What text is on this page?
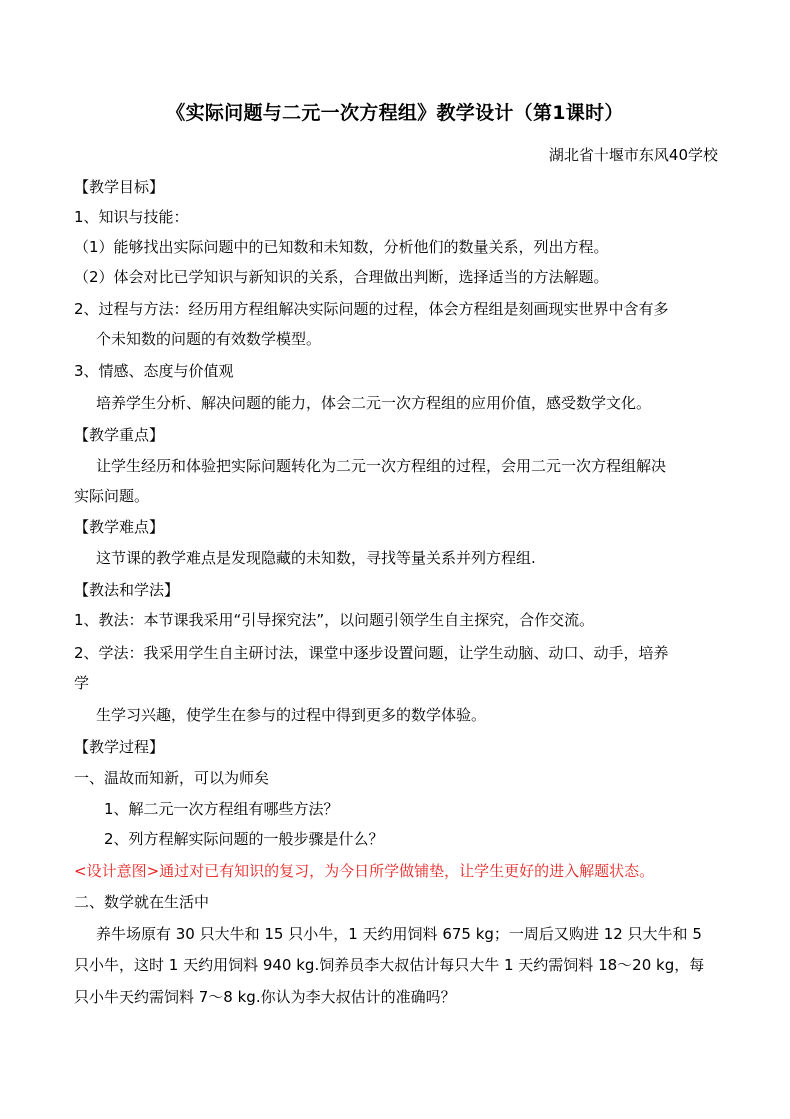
《实际问题与二元一次方程组》教学设计（第1课时）
湖北省十堰市东风40学校
【教学目标】
1、知识与技能：
（1）能够找出实际问题中的已知数和未知数，分析他们的数量关系，列出方程。
（2）体会对比已学知识与新知识的关系，合理做出判断，选择适当的方法解题。
2、过程与方法：经历用方程组解决实际问题的过程，体会方程组是刻画现实世界中含有多
个未知数的问题的有效数学模型。
3、情感、态度与价值观
培养学生分析、解决问题的能力，体会二元一次方程组的应用价值，感受数学文化。
【教学重点】
让学生经历和体验把实际问题转化为二元一次方程组的过程，会用二元一次方程组解决
实际问题。
【教学难点】
这节课的教学难点是发现隐藏的未知数，寻找等量关系并列方程组.
【教法和学法】
1、教法：本节课我采用“引导探究法”，以问题引领学生自主探究，合作交流。
2、学法：我采用学生自主研讨法，课堂中逐步设置问题，让学生动脑、动口、动手，培养
学
生学习兴趣，使学生在参与的过程中得到更多的数学体验。
【教学过程】
一、温故而知新，可以为师矣
1、解二元一次方程组有哪些方法？
2、列方程解实际问题的一般步骤是什么？
<设计意图>通过对已有知识的复习，为今日所学做铺垫，让学生更好的进入解题状态。
二、数学就在生活中
养牛场原有 30 只大牛和 15 只小牛，1 天约用饲料 675 kg；一周后又购进 12 只大牛和 5
只小牛，这时 1 天约用饲料 940 kg.饲养员李大叔估计每只大牛 1 天约需饲料 18～20 kg，每
只小牛天约需饲料 7～8 kg.你认为李大叔估计的准确吗？
